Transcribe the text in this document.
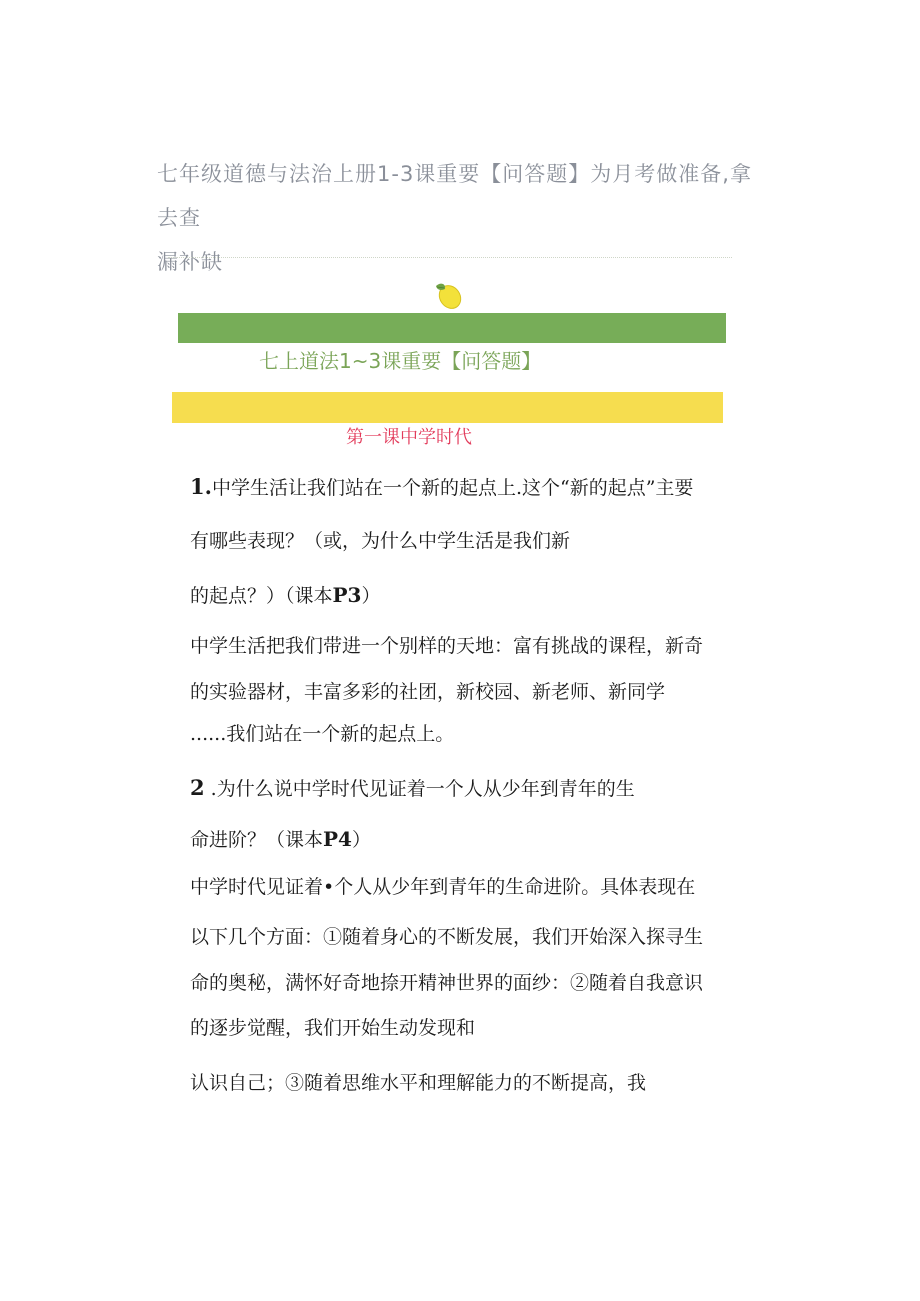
七年级道德与法治上册1-3课重要【问答题】为月考做准备,拿去查
漏补缺
七上道法1~3课重要【问答题】
第一课中学时代

1.中学生活让我们站在一个新的起点上.这个“新的起点”主要

有哪些表现？（或，为什么中学生活是我们新

的起点？）（课本P3）

中学生活把我们带进一个别样的天地：富有挑战的课程，新奇

的实验器材，丰富多彩的社团，新校园、新老师、新同学

......我们站在一个新的起点上。

2 .为什么说中学时代见证着一个人从少年到青年的生

命进阶？（课本P4）

中学时代见证着•个人从少年到青年的生命进阶。具体表现在

以下几个方面：①随着身心的不断发展，我们开始深入探寻生

命的奥秘，满怀好奇地捺开精神世界的面纱：②随着自我意识

的逐步觉醒，我们开始生动发现和

认识自己；③随着思维水平和理解能力的不断提高，我
